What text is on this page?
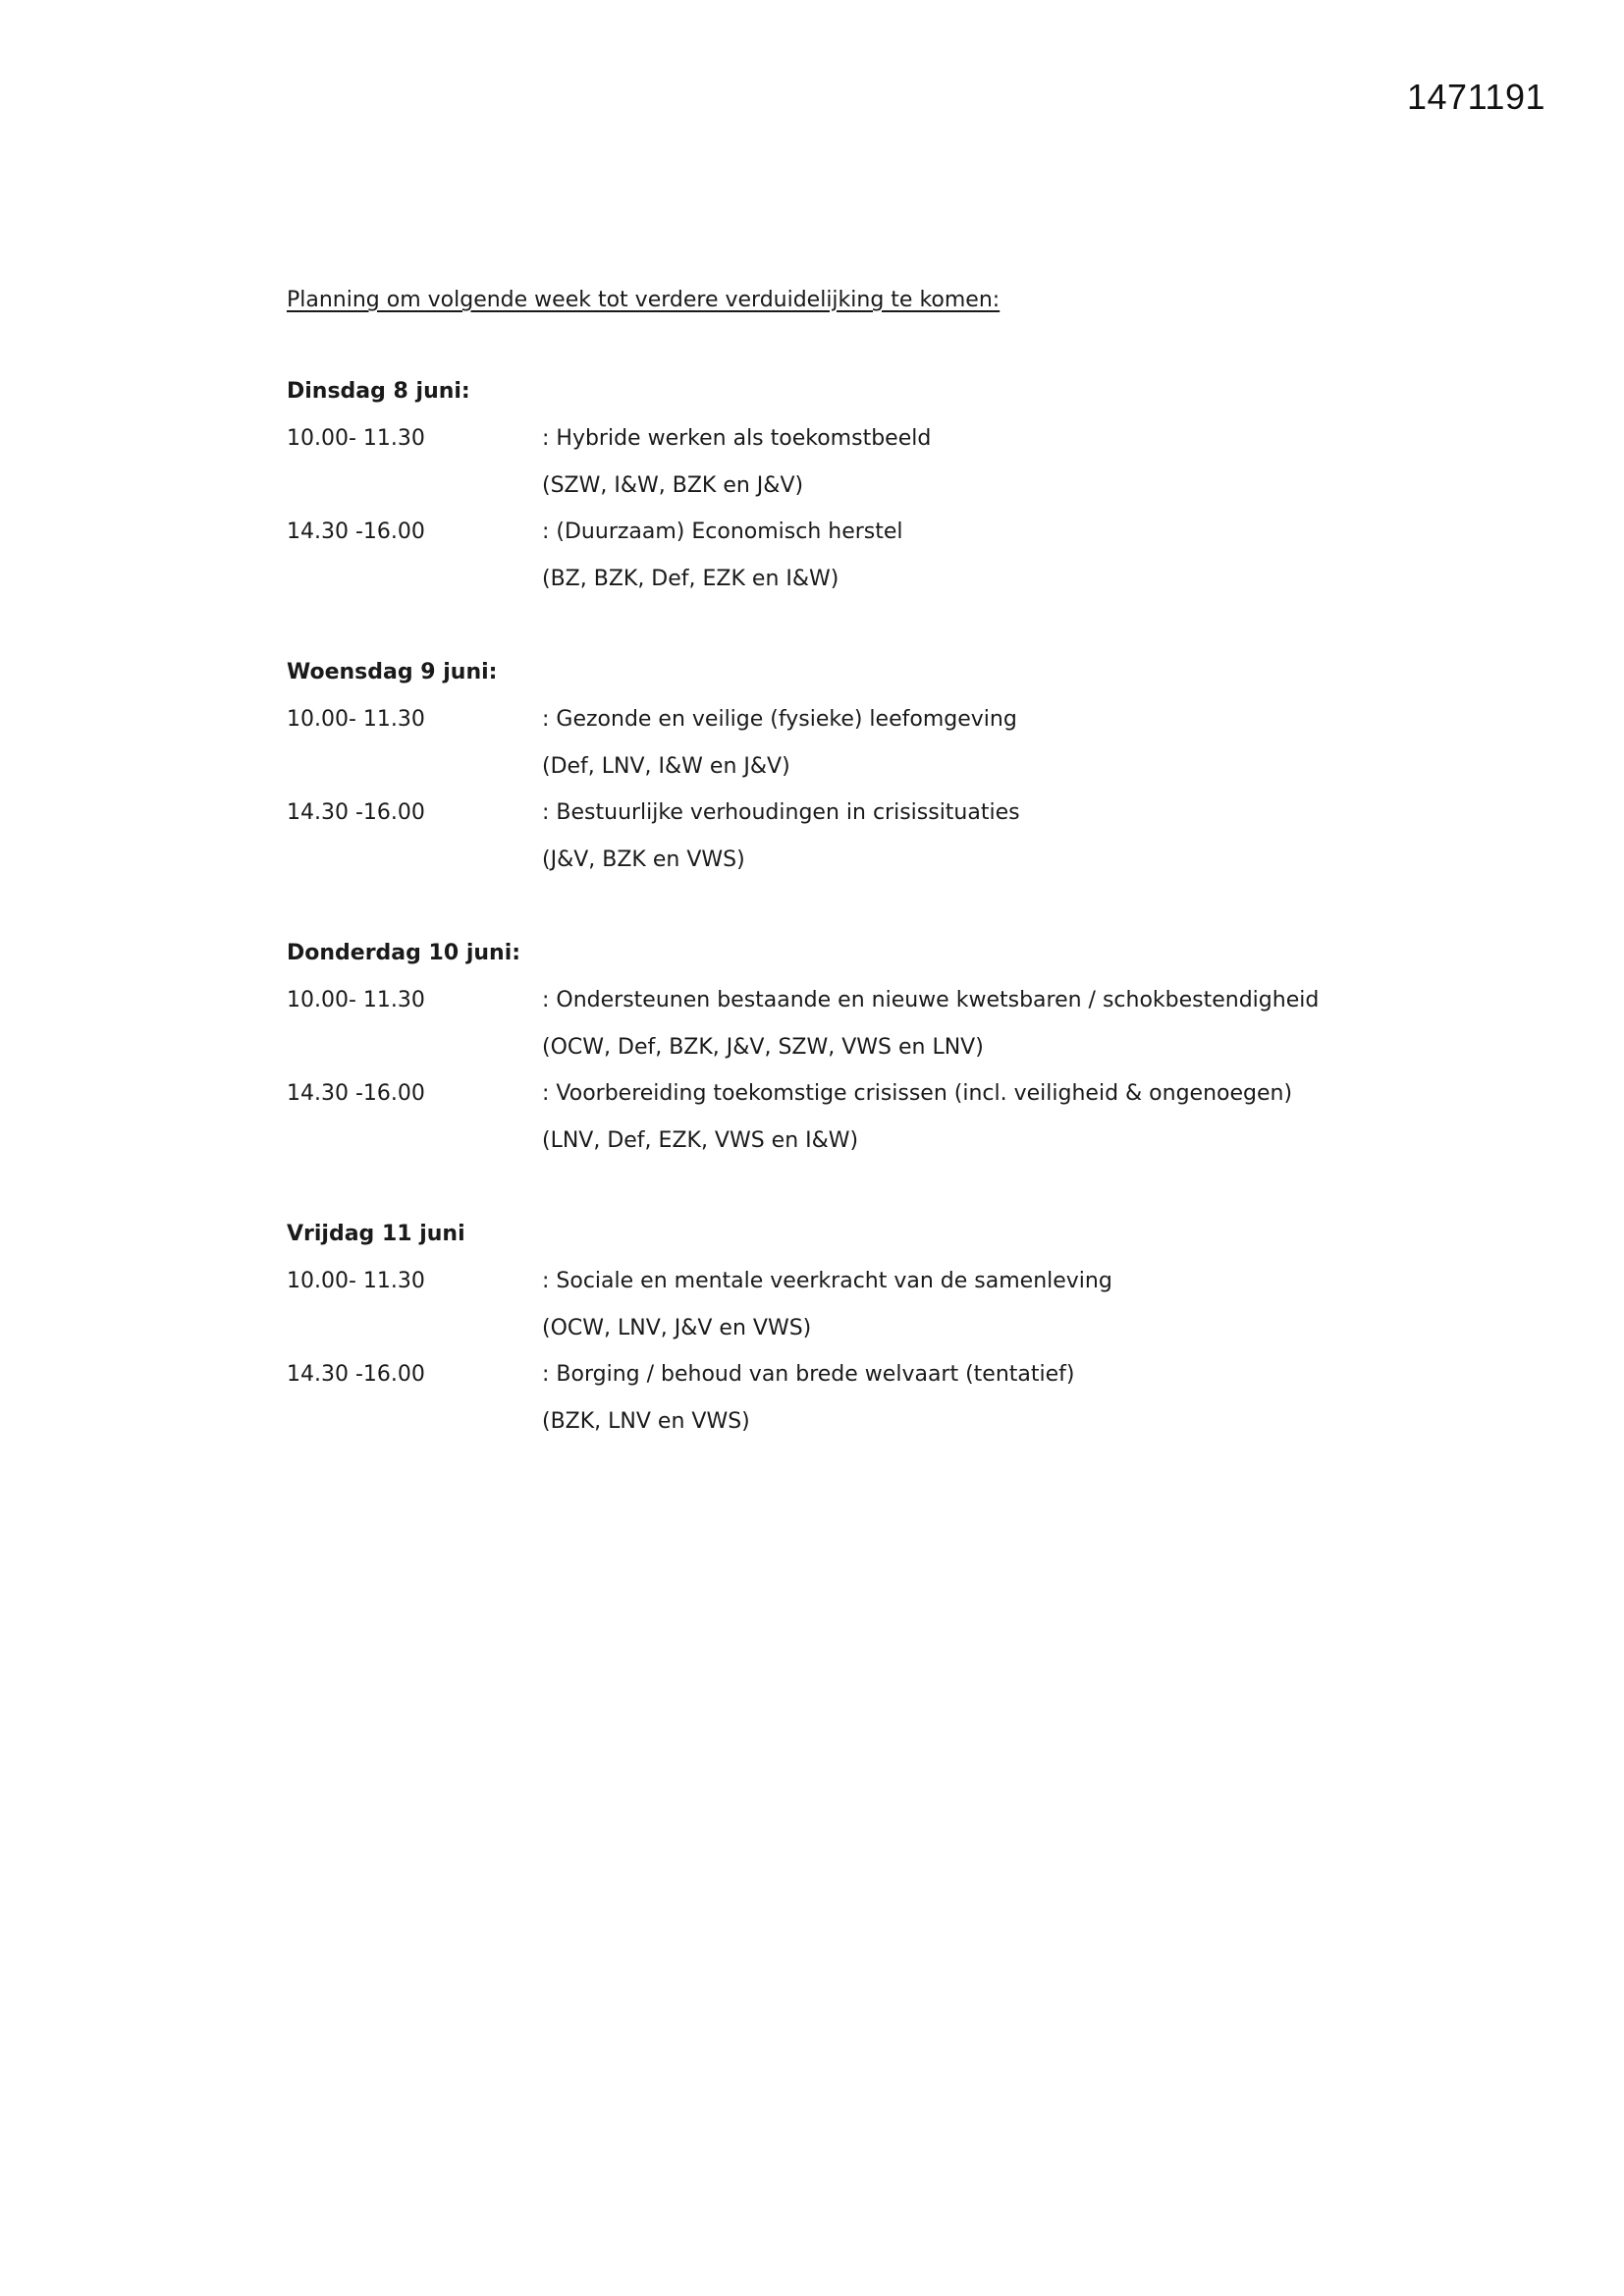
1471191

Planning om volgende week tot verdere verduidelijking te komen:

Dinsdag 8 juni:
10.00- 11.30	: Hybride werken als toekomstbeeld
(SZW, I&W, BZK en J&V)
14.30 -16.00	: (Duurzaam) Economisch herstel
(BZ, BZK, Def, EZK en I&W)
Woensdag 9 juni:
10.00- 11.30	: Gezonde en veilige (fysieke) leefomgeving
(Def, LNV, I&W en J&V)
14.30 -16.00	: Bestuurlijke verhoudingen in crisissituaties
(J&V, BZK en VWS)
Donderdag 10 juni:
10.00- 11.30	: Ondersteunen bestaande en nieuwe kwetsbaren / schokbestendigheid
(OCW, Def, BZK, J&V, SZW, VWS en LNV)
14.30 -16.00	: Voorbereiding toekomstige crisissen (incl. veiligheid & ongenoegen)
(LNV, Def, EZK, VWS en I&W)
Vrijdag 11 juni
10.00- 11.30	: Sociale en mentale veerkracht van de samenleving
(OCW, LNV, J&V en VWS)
14.30 -16.00	: Borging / behoud van brede welvaart (tentatief)
(BZK, LNV en VWS)
